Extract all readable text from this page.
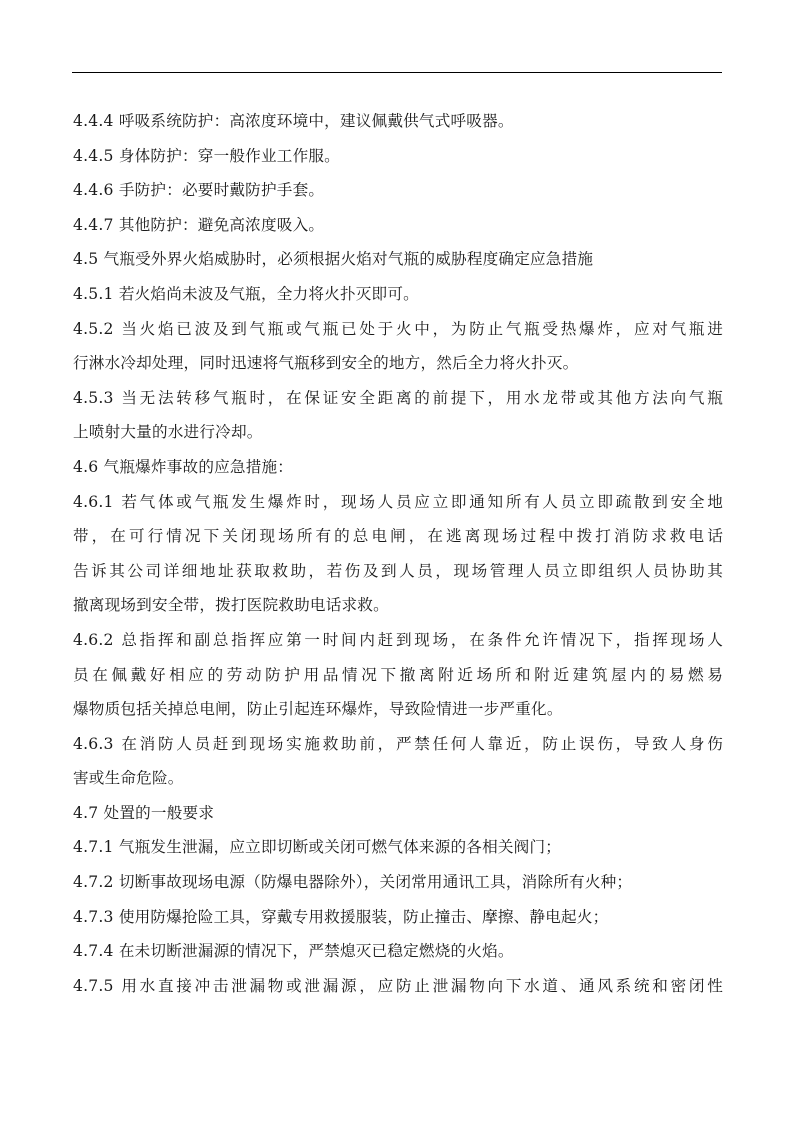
4.4.4 呼吸系统防护：高浓度环境中，建议佩戴供气式呼吸器。
4.4.5 身体防护：穿一般作业工作服。
4.4.6 手防护：必要时戴防护手套。
4.4.7 其他防护：避免高浓度吸入。
4.5 气瓶受外界火焰威胁时，必须根据火焰对气瓶的威胁程度确定应急措施
4.5.1 若火焰尚未波及气瓶，全力将火扑灭即可。
4.5.2 当火焰已波及到气瓶或气瓶已处于火中，为防止气瓶受热爆炸，应对气瓶进
行淋水冷却处理，同时迅速将气瓶移到安全的地方，然后全力将火扑灭。
4.5.3 当无法转移气瓶时，在保证安全距离的前提下，用水龙带或其他方法向气瓶
上喷射大量的水进行冷却。
4.6 气瓶爆炸事故的应急措施：
4.6.1 若气体或气瓶发生爆炸时，现场人员应立即通知所有人员立即疏散到安全地
带，在可行情况下关闭现场所有的总电闸，在逃离现场过程中拨打消防求救电话
告诉其公司详细地址获取救助，若伤及到人员，现场管理人员立即组织人员协助其
撤离现场到安全带，拨打医院救助电话求救。
4.6.2 总指挥和副总指挥应第一时间内赶到现场，在条件允许情况下，指挥现场人
员在佩戴好相应的劳动防护用品情况下撤离附近场所和附近建筑屋内的易燃易
爆物质包括关掉总电闸，防止引起连环爆炸，导致险情进一步严重化。
4.6.3 在消防人员赶到现场实施救助前，严禁任何人靠近，防止误伤，导致人身伤
害或生命危险。
4.7 处置的一般要求
4.7.1 气瓶发生泄漏，应立即切断或关闭可燃气体来源的各相关阀门；
4.7.2 切断事故现场电源（防爆电器除外），关闭常用通讯工具，消除所有火种；
4.7.3 使用防爆抢险工具，穿戴专用救援服装，防止撞击、摩擦、静电起火；
4.7.4 在未切断泄漏源的情况下，严禁熄灭已稳定燃烧的火焰。
4.7.5 用水直接冲击泄漏物或泄漏源，应防止泄漏物向下水道、通风系统和密闭性
